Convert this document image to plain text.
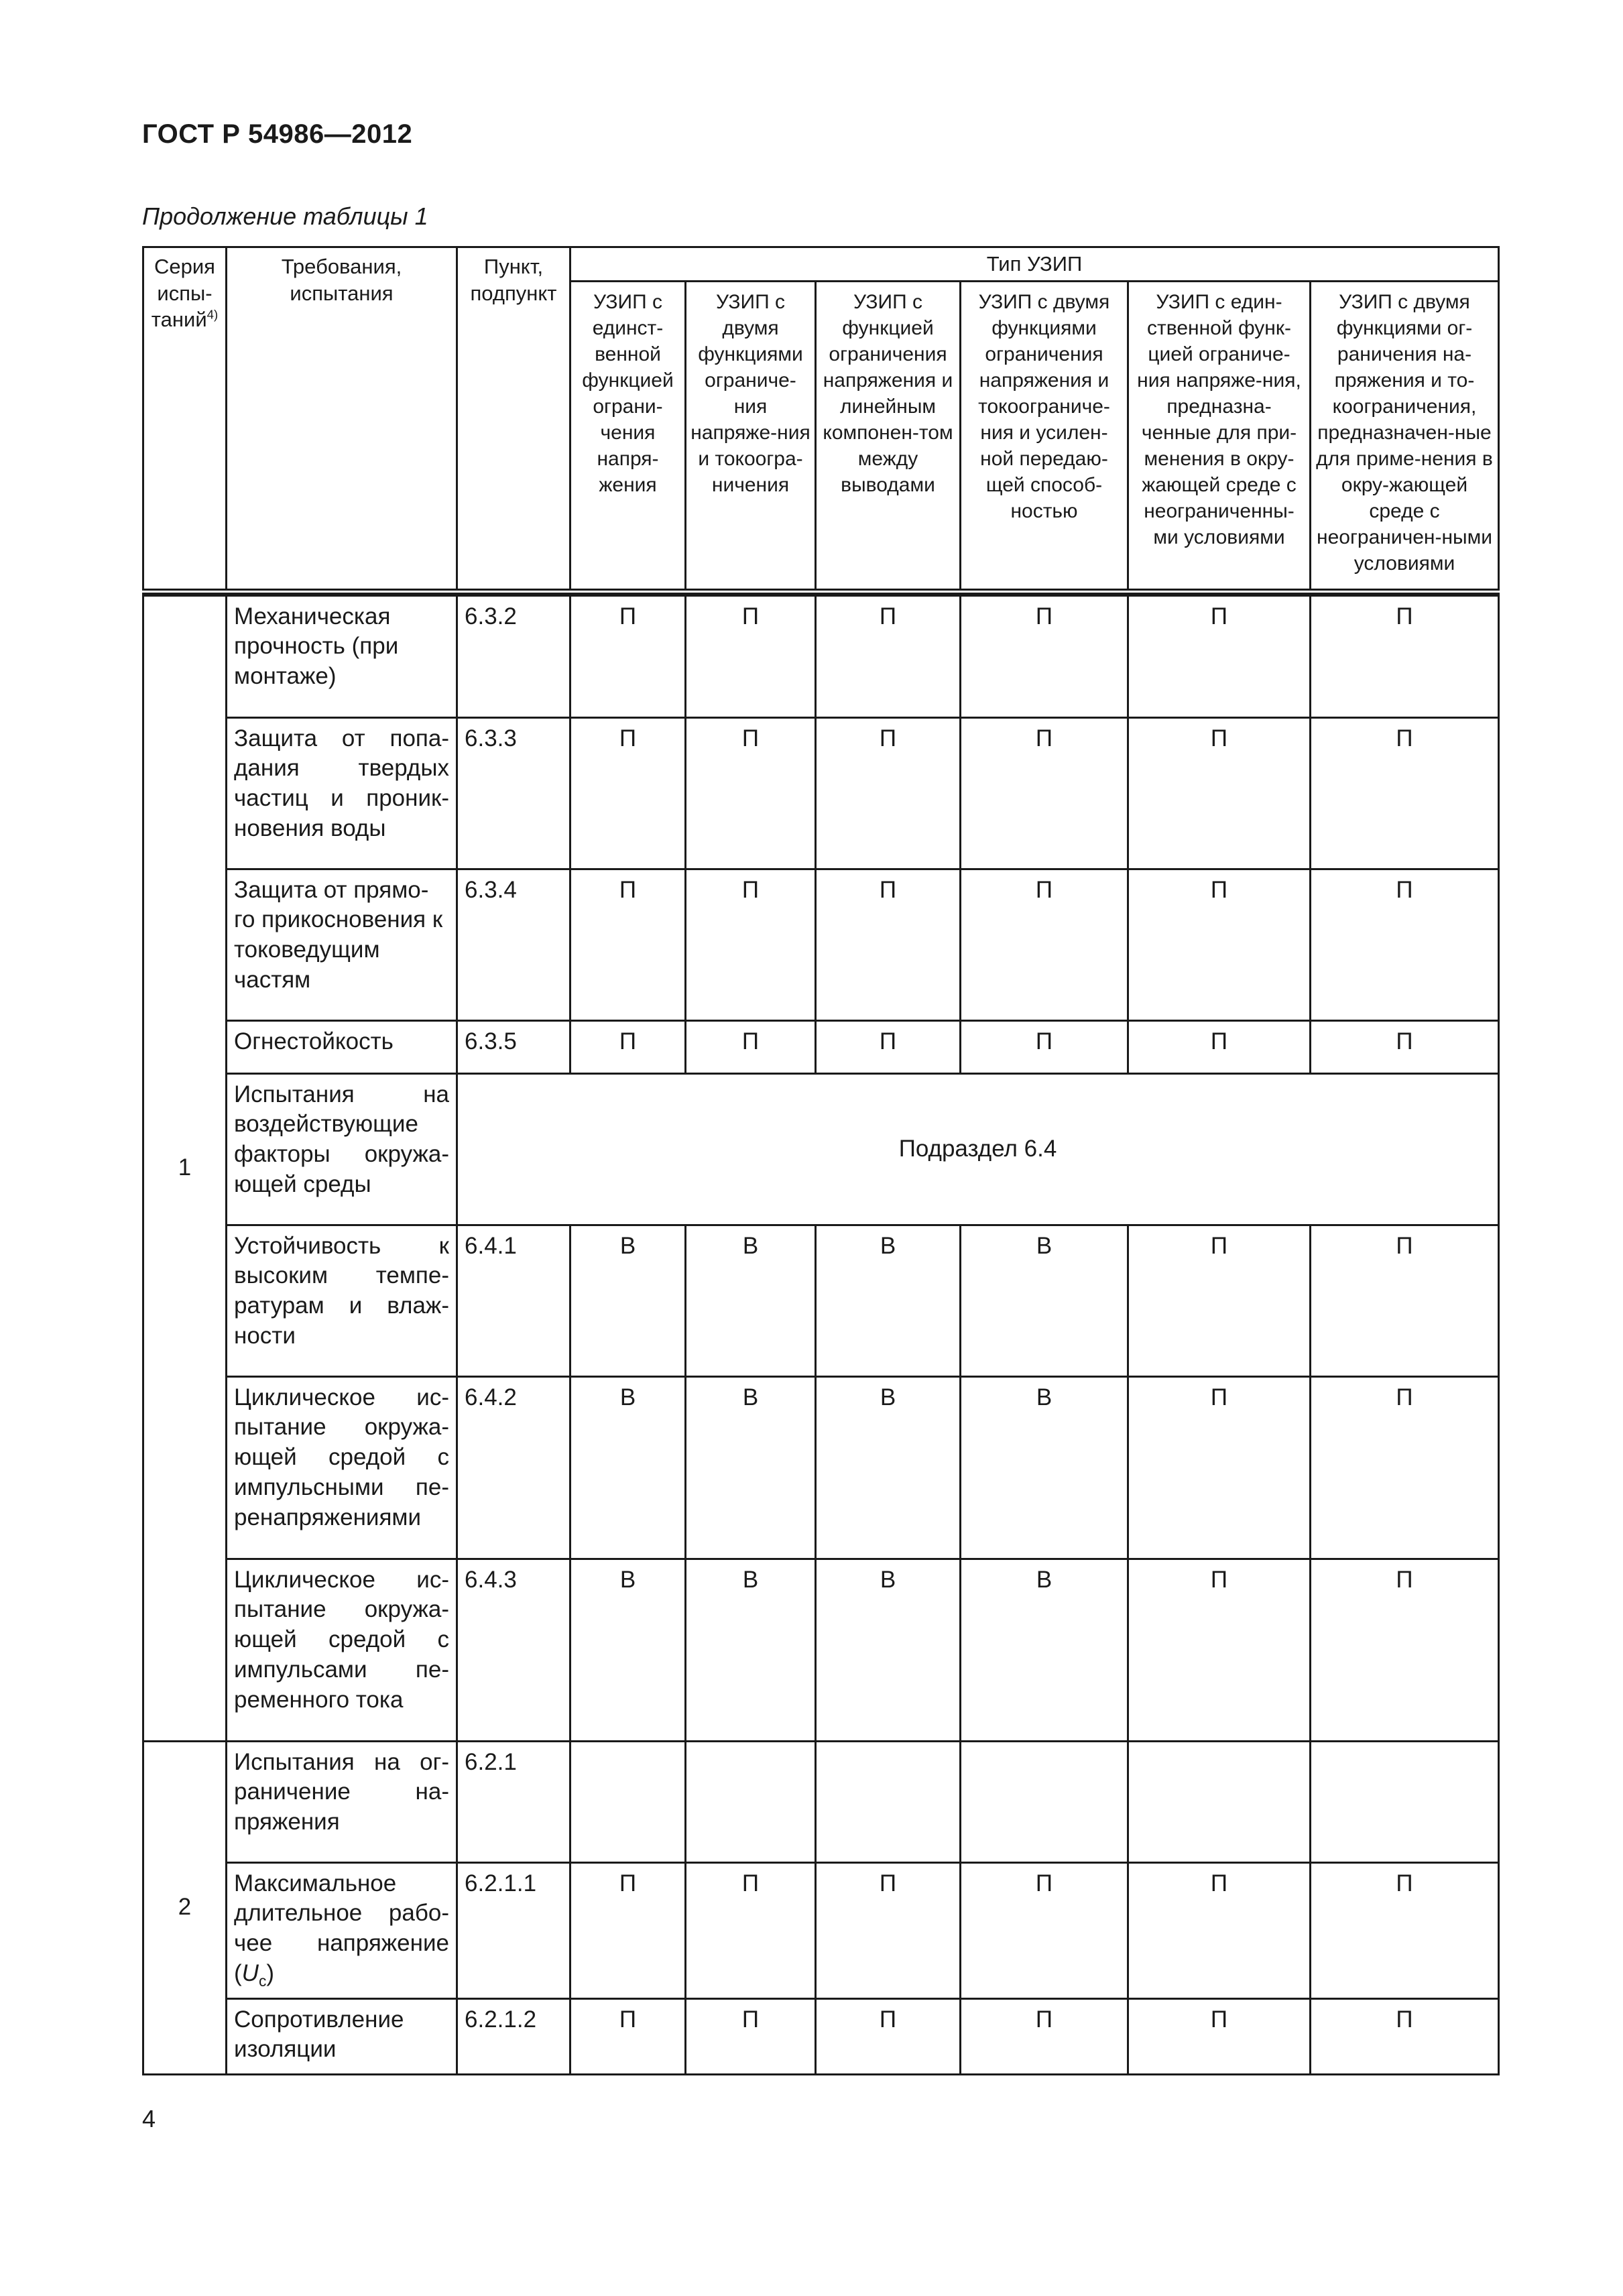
ГОСТ Р 54986—2012
Продолжение таблицы 1
Серия испы-таний$^{4)}$	Требования, испытания	Пункт, подпункт	Тип УЗИП					
			УЗИП с единст-венной функцией ограни-чения напря-жения	УЗИП с двумя функциями ограниче-ния напряже-ния и токоогра-ничения	УЗИП с функцией ограничения напряжения и линейным компонен-том между выводами	УЗИП с двумя функциями ограничения напряжения и токоограниче-ния и усилен-ной передаю-щей способ-ностью	УЗИП с един-ственной функ-цией ограниче-ния напряже-ния, предназна-ченные для при-менения в окру-жающей среде с неограниченны-ми условиями	УЗИП с двумя функциями ог-раничения на-пряжения и то-коограничения, предназначен-ные для приме-нения в окру-жающей среде с неограничен-ными условиями

1	Механическая прочность (при монтаже)	6.3.2	П	П	П	П	П	П
	Защита от попа-дания твердых частиц и проник-новения воды	6.3.3	П	П	П	П	П	П
	Защита от прямо-го прикосновения к токоведущим частям	6.3.4	П	П	П	П	П	П
	Огнестойкость	6.3.5	П	П	П	П	П	П
	Испытания на воздействующие факторы окружа-ющей среды	Подраздел 6.4						
	Устойчивость к высоким темпе-ратурам и влаж-ности	6.4.1	В	В	В	В	П	П
	Циклическое ис-пытание окружа-ющей средой с импульсными пе-ренапряжениями	6.4.2	В	В	В	В	П	П
	Циклическое ис-пытание окружа-ющей средой с импульсами пе-ременного тока	6.4.3	В	В	В	В	П	П
2	Испытания на ог-раничение на-пряжения	6.2.1						
	Максимальное длительное рабо-чее напряжение $(U_c)$	6.2.1.1	П	П	П	П	П	П
	Сопротивление изоляции	6.2.1.2	П	П	П	П	П	П
4
